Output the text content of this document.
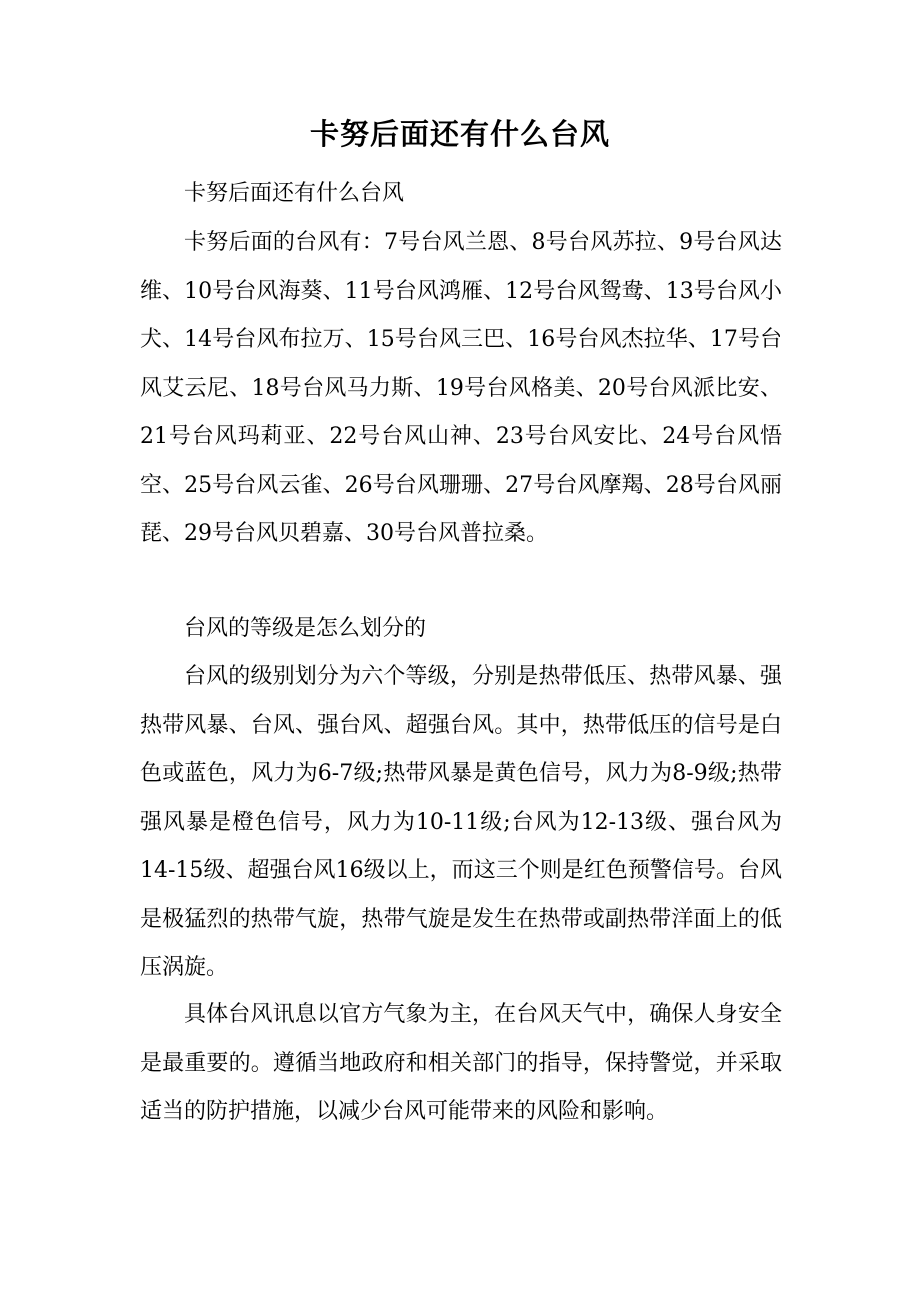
卡努后面还有什么台风

卡努后面还有什么台风

卡努后面的台风有：7号台风兰恩、8号台风苏拉、9号台风达维、10号台风海葵、11号台风鸿雁、12号台风鸳鸯、13号台风小犬、14号台风布拉万、15号台风三巴、16号台风杰拉华、17号台风艾云尼、18号台风马力斯、19号台风格美、20号台风派比安、21号台风玛莉亚、22号台风山神、23号台风安比、24号台风悟空、25号台风云雀、26号台风珊珊、27号台风摩羯、28号台风丽琵、29号台风贝碧嘉、30号台风普拉桑。

台风的等级是怎么划分的

台风的级别划分为六个等级，分别是热带低压、热带风暴、强热带风暴、台风、强台风、超强台风。其中，热带低压的信号是白色或蓝色，风力为6-7级;热带风暴是黄色信号，风力为8-9级;热带强风暴是橙色信号，风力为10-11级;台风为12-13级、强台风为14-15级、超强台风16级以上，而这三个则是红色预警信号。台风是极猛烈的热带气旋，热带气旋是发生在热带或副热带洋面上的低压涡旋。

具体台风讯息以官方气象为主，在台风天气中，确保人身安全是最重要的。遵循当地政府和相关部门的指导，保持警觉，并采取适当的防护措施，以减少台风可能带来的风险和影响。
